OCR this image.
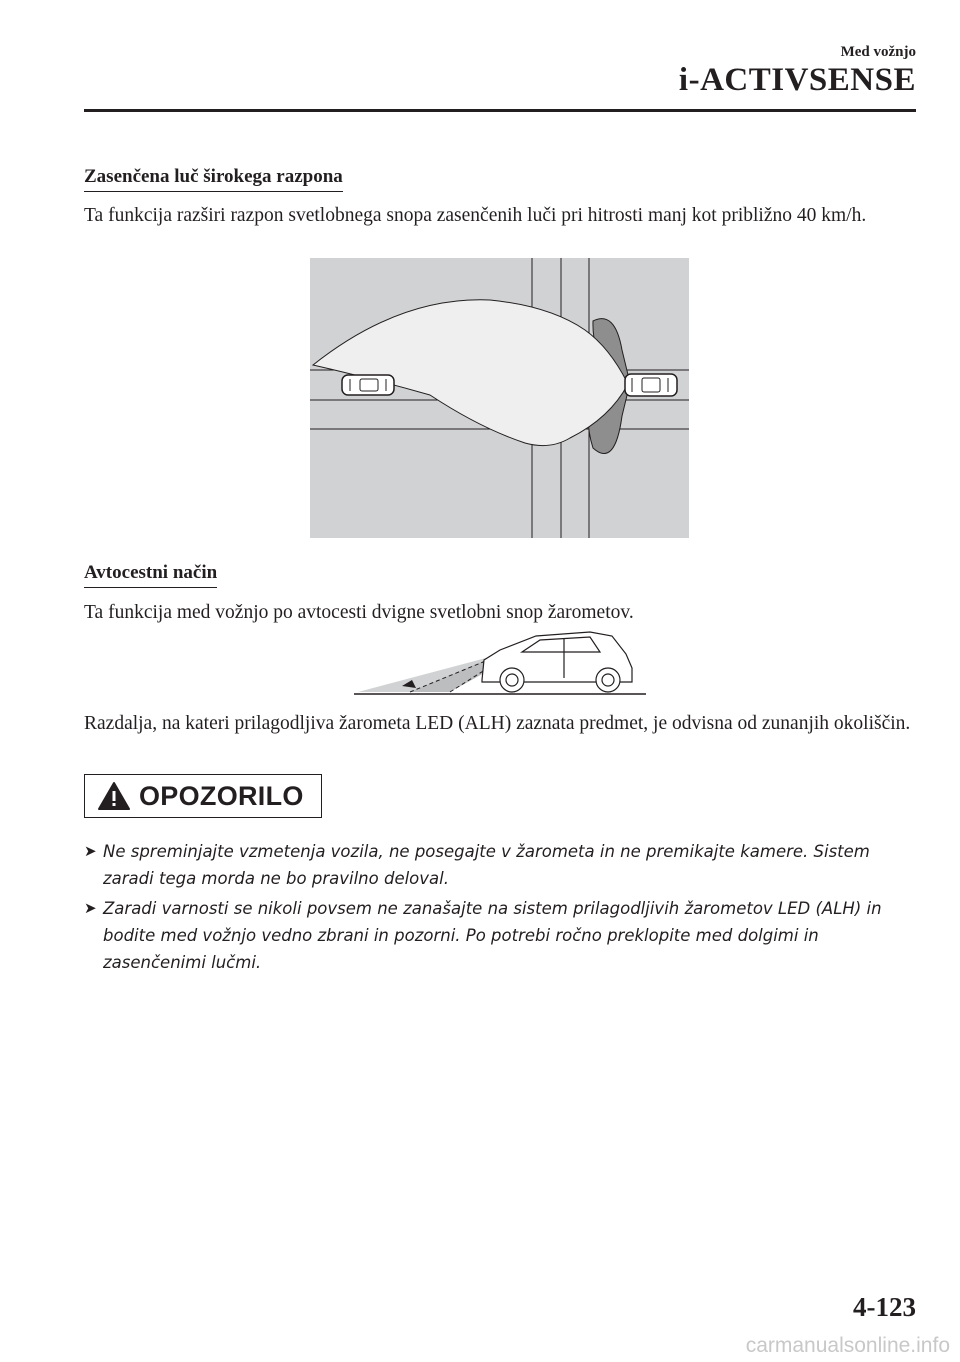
Med vožnjo
i-ACTIVSENSE
Zasenčena luč širokega razpona
Ta funkcija razširi razpon svetlobnega snopa zasenčenih luči pri hitrosti manj kot približno 40 km/h.
Avtocestni način
Ta funkcija med vožnjo po avtocesti dvigne svetlobni snop žarometov.
Razdalja, na kateri prilagodljiva žarometa LED (ALH) zaznata predmet, je odvisna od zunanjih okoliščin.
OPOZORILO
➤ Ne spreminjajte vzmetenja vozila, ne posegajte v žarometa in ne premikajte kamere. Sistem zaradi tega morda ne bo pravilno deloval.
➤ Zaradi varnosti se nikoli povsem ne zanašajte na sistem prilagodljivih žarometov LED (ALH) in bodite med vožnjo vedno zbrani in pozorni. Po potrebi ročno preklopite med dolgimi in zasenčenimi lučmi.
4-123
carmanualsonline.info
